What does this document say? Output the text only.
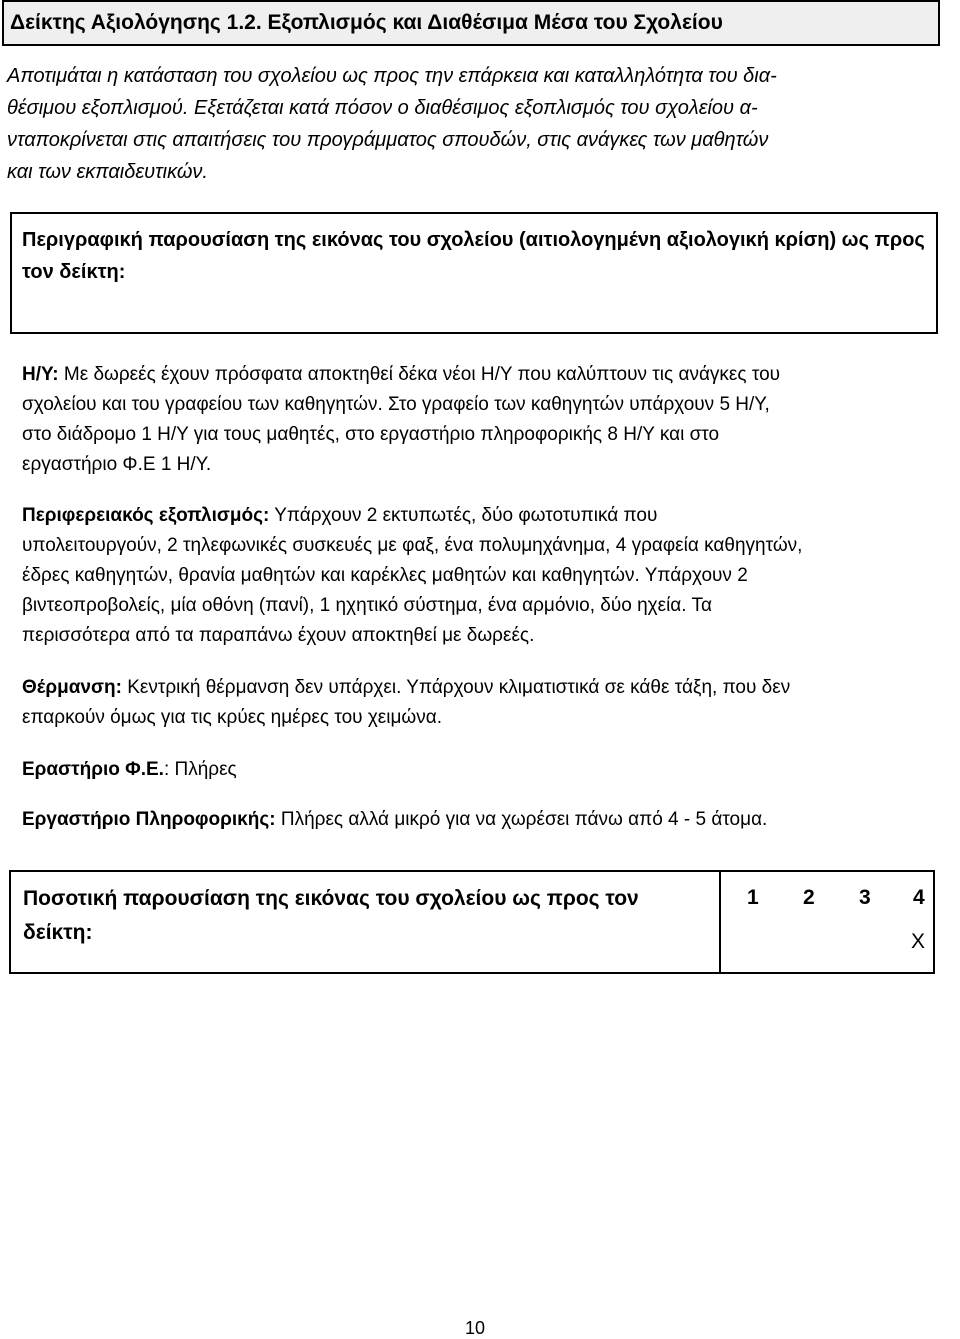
Δείκτης Αξιολόγησης 1.2. Εξοπλισμός και Διαθέσιμα Μέσα του Σχολείου
Αποτιμάται η κατάσταση του σχολείου ως προς την επάρκεια και καταλληλότητα του δια-
θέσιμου εξοπλισμού. Εξετάζεται κατά πόσον ο διαθέσιμος εξοπλισμός του σχολείου α-
νταποκρίνεται στις απαιτήσεις του προγράμματος σπουδών, στις ανάγκες των μαθητών
και των εκπαιδευτικών.
Περιγραφική παρουσίαση της εικόνας του σχολείου (αιτιολογημένη αξιολογική κρίση) ως προς τον δείκτη:
Η/Υ: Με δωρεές έχουν πρόσφατα αποκτηθεί δέκα νέοι Η/Υ που καλύπτουν τις ανάγκες του
σχολείου και του γραφείου των καθηγητών. Στο γραφείο των καθηγητών υπάρχουν 5 Η/Υ,
στο διάδρομο 1 Η/Υ για τους μαθητές, στο εργαστήριο πληροφορικής 8 Η/Υ και στο
εργαστήριο Φ.Ε 1 Η/Υ.
Περιφερειακός εξοπλισμός: Υπάρχουν 2 εκτυπωτές, δύο φωτοτυπικά που
υπολειτουργούν, 2 τηλεφωνικές συσκευές με φαξ, ένα πολυμηχάνημα, 4 γραφεία καθηγητών,
έδρες καθηγητών, θρανία μαθητών και καρέκλες μαθητών και καθηγητών. Υπάρχουν 2
βιντεοπροβολείς, μία οθόνη (πανί), 1 ηχητικό σύστημα, ένα αρμόνιο, δύο ηχεία. Τα
περισσότερα από τα παραπάνω έχουν αποκτηθεί με δωρεές.
Θέρμανση: Κεντρική θέρμανση δεν υπάρχει. Υπάρχουν κλιματιστικά σε κάθε τάξη, που δεν
επαρκούν όμως για τις κρύες ημέρες του χειμώνα.
Εραστήριο Φ.Ε.: Πλήρες
Εργαστήριο Πληροφορικής: Πλήρες αλλά μικρό για να χωρέσει πάνω από 4 - 5 άτομα.
Ποσοτική παρουσίαση της εικόνας του σχολείου ως προς τον δείκτη:
1 2 3 4
X
10
